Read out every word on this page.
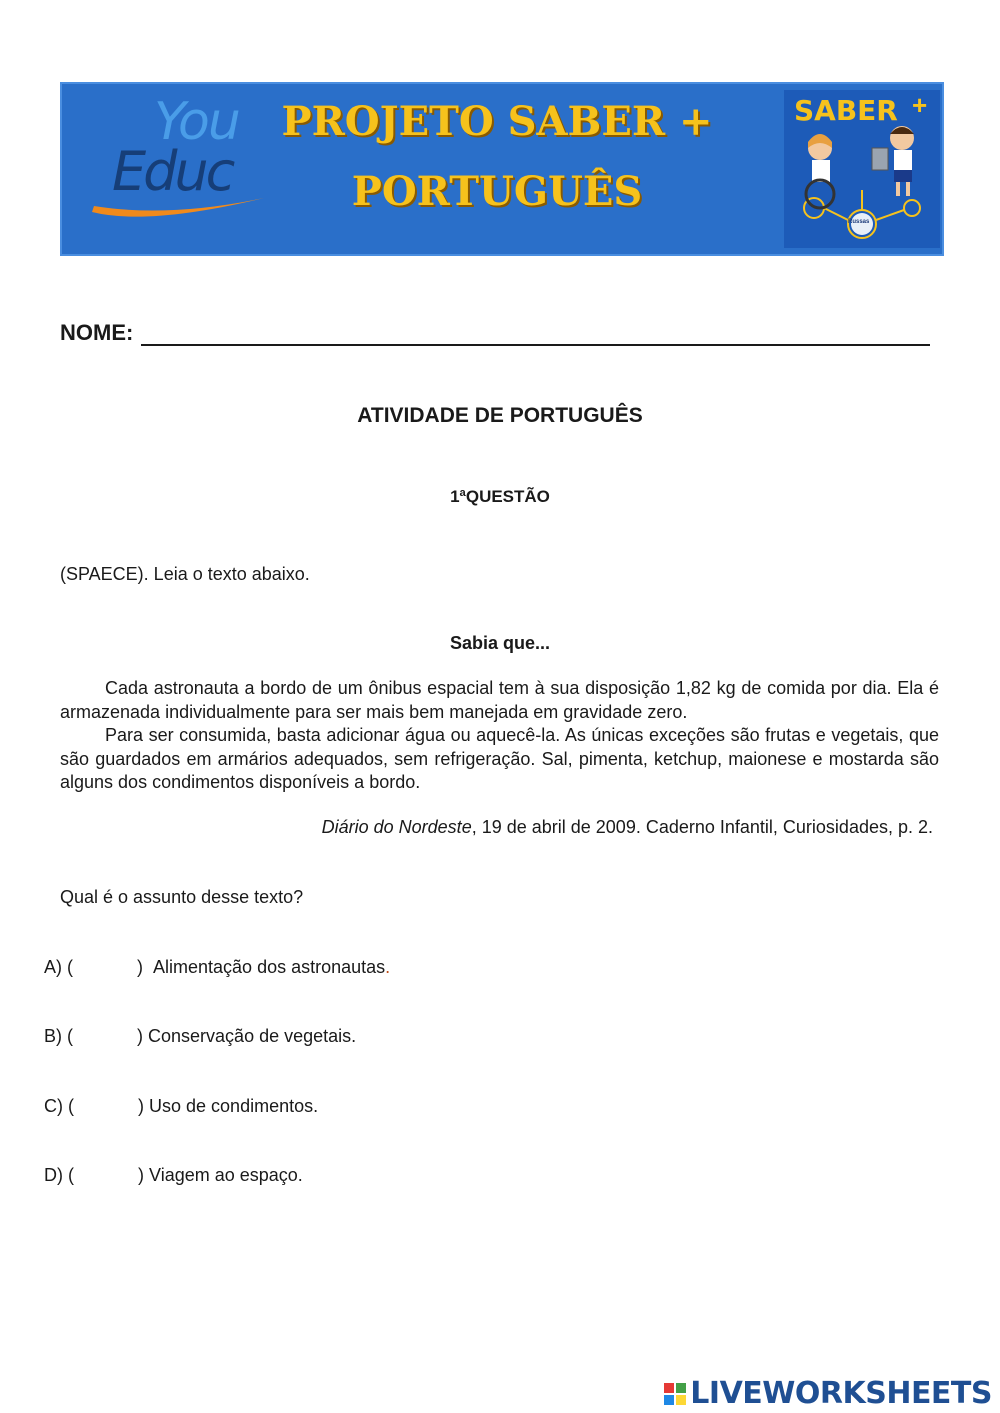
You
Educ
PROJETO SABER +
PORTUGUÊS
SABER +
Russas
NOME:
ATIVIDADE DE PORTUGUÊS
1ªQUESTÃO
(SPAECE). Leia o texto abaixo.
Sabia que...

Cada astronauta a bordo de um ônibus espacial tem à sua disposição 1,82 kg de comida por dia. Ela é armazenada individualmente para ser mais bem manejada em gravidade zero.

Para ser consumida, basta adicionar água ou aquecê-la. As únicas exceções são frutas e vegetais, que são guardados em armários adequados, sem refrigeração. Sal, pimenta, ketchup, maionese e mostarda são alguns dos condimentos disponíveis a bordo.

Diário do Nordeste, 19 de abril de 2009. Caderno Infantil, Curiosidades, p. 2.
Qual é o assunto desse texto?
A) (	)
Alimentação dos astronautas .
B) (	)
Conservação de vegetais.
C) (	)
Uso de condimentos.
D) (	)
Viagem ao espaço.
LIVEWORKSHEETS
